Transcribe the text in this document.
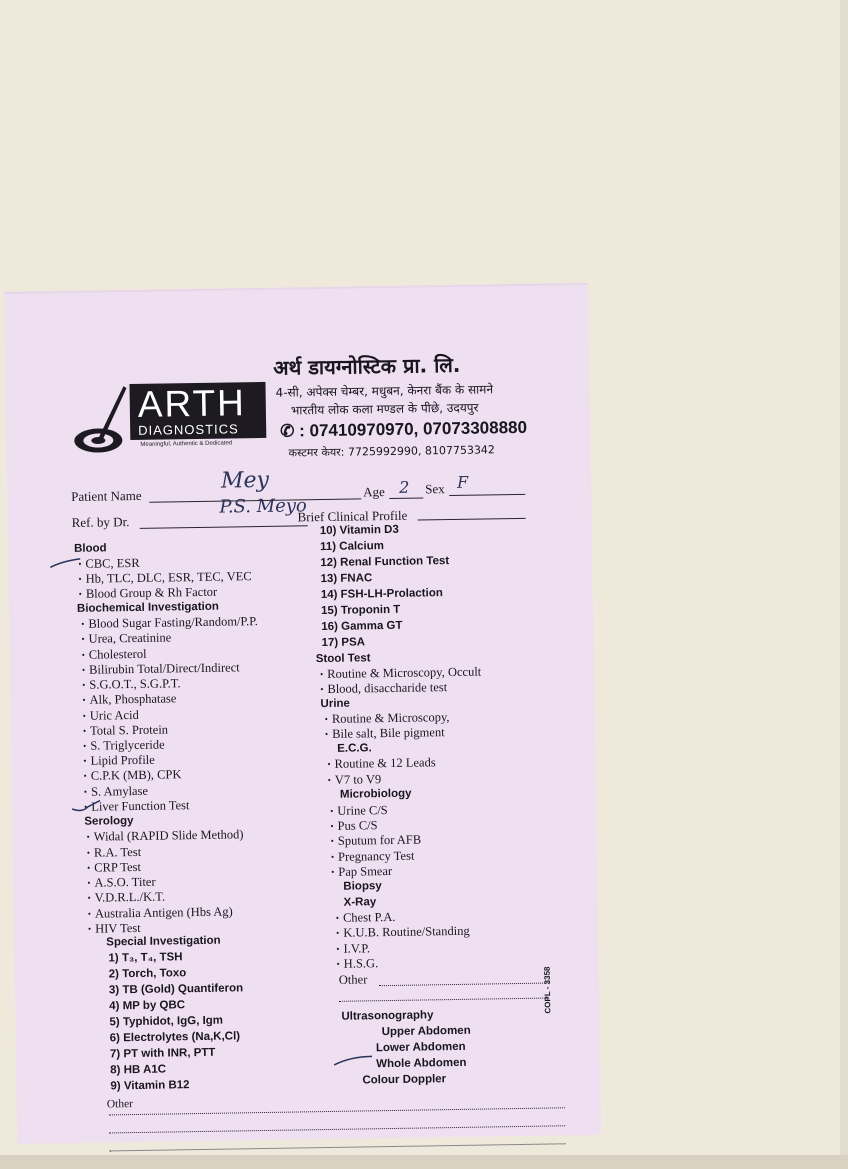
ARTH
DIAGNOSTICS
Meaningful, Authentic & Dedicated
अर्थ डायग्नोस्टिक प्रा. लि.
4-सी, अपेक्स चेम्बर, मधुबन, केनरा बैंक के सामने
भारतीय लोक कला मण्डल के पीछे, उदयपुर
✆ : 07410970970, 07073308880
कस्टमर केयर: 7725992990, 8107753342
Patient Name
Mey	Age 2 Sex F
Ref. by Dr.
P.S. Meyo
Brief Clinical Profile
Blood
• CBC, ESR
• Hb, TLC, DLC, ESR, TEC, VEC
• Blood Group & Rh Factor
Biochemical Investigation
• Blood Sugar Fasting/Random/P.P.
• Urea, Creatinine
• Cholesterol
• Bilirubin Total/Direct/Indirect
• S.G.O.T., S.G.P.T.
• Alk, Phosphatase
• Uric Acid
• Total S. Protein
• S. Triglyceride
• Lipid Profile
• C.P.K (MB), CPK
• S. Amylase
• Liver Function Test
Serology
• Widal (RAPID Slide Method)
• R.A. Test
• CRP Test
• A.S.O. Titer
• V.D.R.L./K.T.
• Australia Antigen (Hbs Ag)
• HIV Test
Special Investigation
1) T₃, T₄, TSH
2) Torch, Toxo
3) TB (Gold) Quantiferon
4) MP by QBC
5) Typhidot, IgG, Igm
6) Electrolytes (Na,K,Cl)
7) PT with INR, PTT
8) HB A1C
9) Vitamin B12
Other
10) Vitamin D3
11) Calcium
12) Renal Function Test
13) FNAC
14) FSH-LH-Prolaction
15) Troponin T
16) Gamma GT
17) PSA
Stool Test
• Routine & Microscopy, Occult
• Blood, disaccharide test
Urine
• Routine & Microscopy,
• Bile salt, Bile pigment
E.C.G.
• Routine & 12 Leads
• V7 to V9
Microbiology
• Urine C/S
• Pus C/S
• Sputum for AFB
• Pregnancy Test
• Pap Smear
Biopsy
X-Ray
• Chest P.A.
• K.U.B. Routine/Standing
• I.V.P.
• H.S.G.
Other
Ultrasonography
Upper Abdomen
Lower Abdomen
Whole Abdomen
Colour Doppler
COPL - 3358
